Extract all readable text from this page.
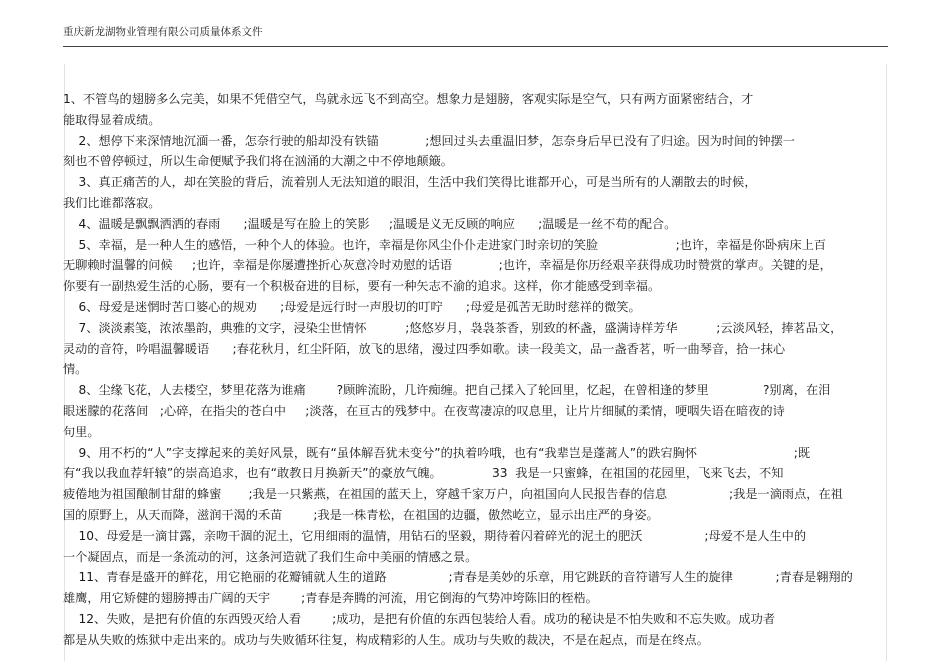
重庆新龙湖物业管理有限公司质量体系文件
1、不管鸟的翅膀多么完美，如果不凭借空气，鸟就永远飞不到高空。想象力是翅膀，客观实际是空气，只有两方面紧密结合，才
能取得显着成绩。
2、想停下来深情地沉湎一番，怎奈行驶的船却没有铁锚            ;想回过头去重温旧梦，怎奈身后早已没有了归途。因为时间的钟摆一
刻也不曾停顿过，所以生命便赋予我们将在汹涌的大潮之中不停地颠簸。
3、真正痛苦的人，却在笑脸的背后，流着别人无法知道的眼泪，生活中我们笑得比谁都开心，可是当所有的人潮散去的时候，
我们比谁都落寂。
4、温暖是飘飘洒洒的春雨      ;温暖是写在脸上的笑影     ;温暖是义无反顾的响应      ;温暖是一丝不苟的配合。
5、幸福，是一种人生的感悟，一种个人的体验。也许，幸福是你风尘仆仆走进家门时亲切的笑脸                    ;也许，幸福是你卧病床上百
无聊赖时温馨的问候     ;也许，幸福是你屡遭挫折心灰意冷时劝慰的话语            ;也许，幸福是你历经艰辛获得成功时赞赏的掌声。关键的是，
你要有一副热爱生活的心肠，要有一个积极奋进的目标，要有一种矢志不渝的追求。这样，你才能感受到幸福。
6、母爱是迷惘时苦口婆心的规劝      ;母爱是远行时一声殷切的叮咛      ;母爱是孤苦无助时慈祥的微笑。
7、淡淡素笺，浓浓墨韵，典雅的文字，浸染尘世情怀          ;悠悠岁月，袅袅茶香，别致的杯盏，盛满诗样芳华          ;云淡风轻，捧茗品文，
灵动的音符，吟唱温馨暖语      ;春花秋月，红尘阡陌，放飞的思绪，漫过四季如歌。读一段美文，品一盏香茗，听一曲琴音，拾一抹心
情。
8、尘缘飞花，人去楼空，梦里花落为谁痛        ?顾眸流盼，几许痴缠。把自己揉入了轮回里，忆起，在曾相逢的梦里              ?别离，在泪
眼迷朦的花落间   ;心碎，在指尖的苍白中     ;淡落，在亘古的残梦中。在夜莺凄凉的叹息里，让片片细腻的柔情，哽咽失语在暗夜的诗
句里。
9、用不朽的“人”字支撑起来的美好风景，既有“虽体解吾犹未变兮”的执着吟哦，也有“我辈岂是蓬蒿人”的跌宕胸怀                         ;既
有“我以我血荐轩辕”的崇高追求，也有“敢教日月换新天”的豪放气魄。             33  我是一只蜜蜂，在祖国的花园里，飞来飞去，不知
疲倦地为祖国酿制甘甜的蜂蜜       ;我是一只紫燕，在祖国的蓝天上，穿越千家万户，向祖国向人民报告春的信息                ;我是一滴雨点，在祖
国的原野上，从天而降，滋润干渴的禾苗        ;我是一株青松，在祖国的边疆，傲然屹立，显示出庄严的身姿。
10、母爱是一滴甘露，亲吻干涸的泥土，它用细雨的温情，用钻石的坚毅，期待着闪着碎光的泥土的肥沃                ;母爱不是人生中的
一个凝固点，而是一条流动的河，这条河造就了我们生命中美丽的情感之景。
11、青春是盛开的鲜花，用它艳丽的花瓣铺就人生的道路                ;青春是美妙的乐章，用它跳跃的音符谱写人生的旋律           ;青春是翱翔的
雄鹰，用它矫健的翅膀搏击广阔的天宇        ;青春是奔腾的河流，用它倒海的气势冲垮陈旧的桎梏。
12、失败，是把有价值的东西毁灭给人看        ;成功，是把有价值的东西包装给人看。成功的秘诀是不怕失败和不忘失败。成功者
都是从失败的炼狱中走出来的。成功与失败循环往复，构成精彩的人生。成功与失败的裁决，不是在起点，而是在终点。
